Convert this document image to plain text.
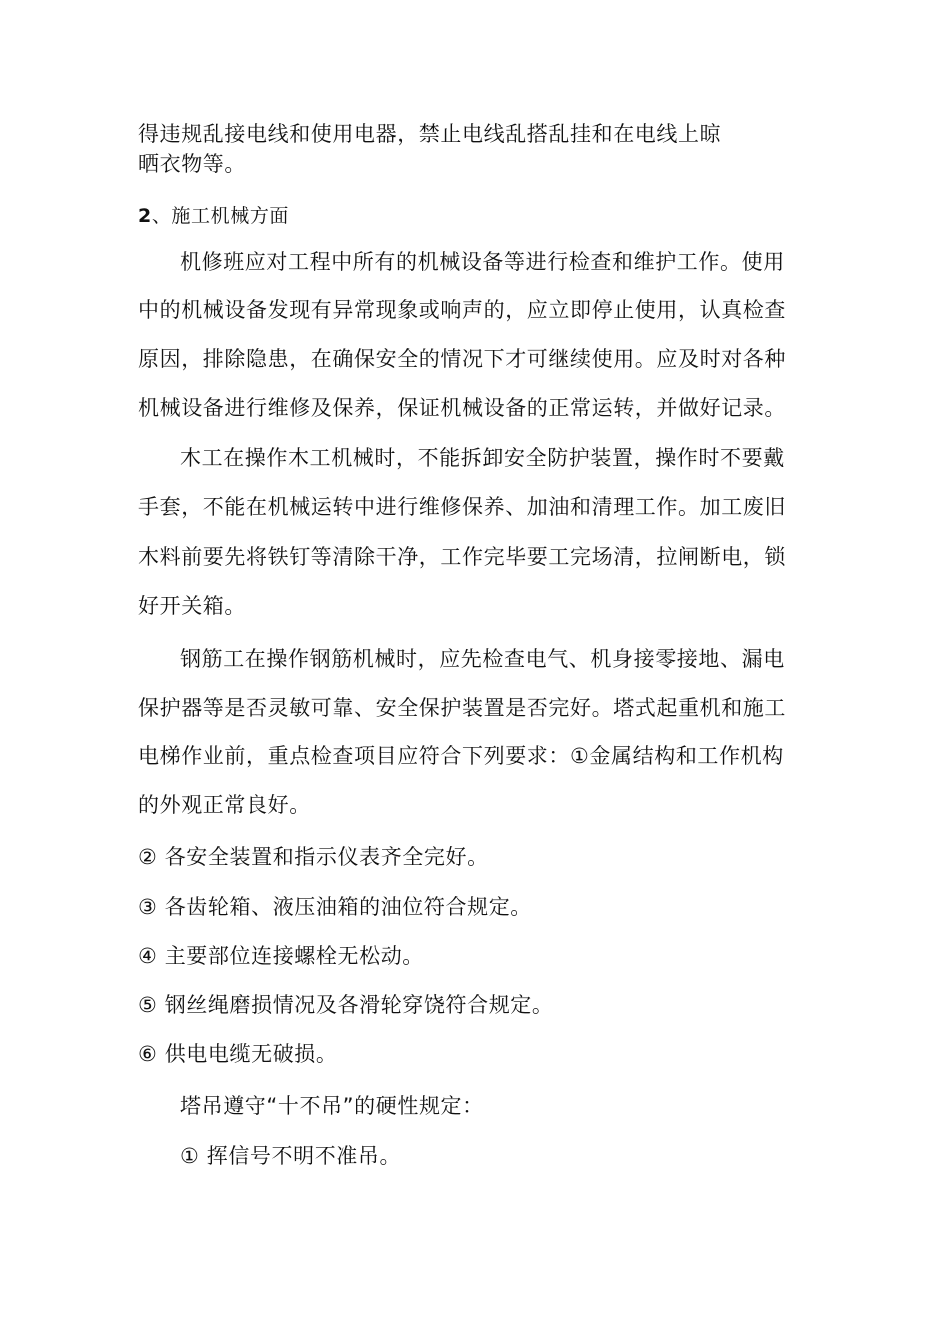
得违规乱接电线和使用电器，禁止电线乱搭乱挂和在电线上晾
晒衣物等。
2、施工机械方面
机修班应对工程中所有的机械设备等进行检查和维护工作。使用
中的机械设备发现有异常现象或响声的，应立即停止使用，认真检查
原因，排除隐患，在确保安全的情况下才可继续使用。应及时对各种
机械设备进行维修及保养，保证机械设备的正常运转，并做好记录。
木工在操作木工机械时，不能拆卸安全防护装置，操作时不要戴
手套，不能在机械运转中进行维修保养、加油和清理工作。加工废旧
木料前要先将铁钉等清除干净，工作完毕要工完场清，拉闸断电，锁
好开关箱。
钢筋工在操作钢筋机械时，应先检查电气、机身接零接地、漏电
保护器等是否灵敏可靠、安全保护装置是否完好。塔式起重机和施工
电梯作业前，重点检查项目应符合下列要求：①金属结构和工作机构
的外观正常良好。
② 各安全装置和指示仪表齐全完好。
③ 各齿轮箱、液压油箱的油位符合规定。
④ 主要部位连接螺栓无松动。
⑤ 钢丝绳磨损情况及各滑轮穿饶符合规定。
⑥ 供电电缆无破损。
塔吊遵守“十不吊”的硬性规定：
① 挥信号不明不准吊。
